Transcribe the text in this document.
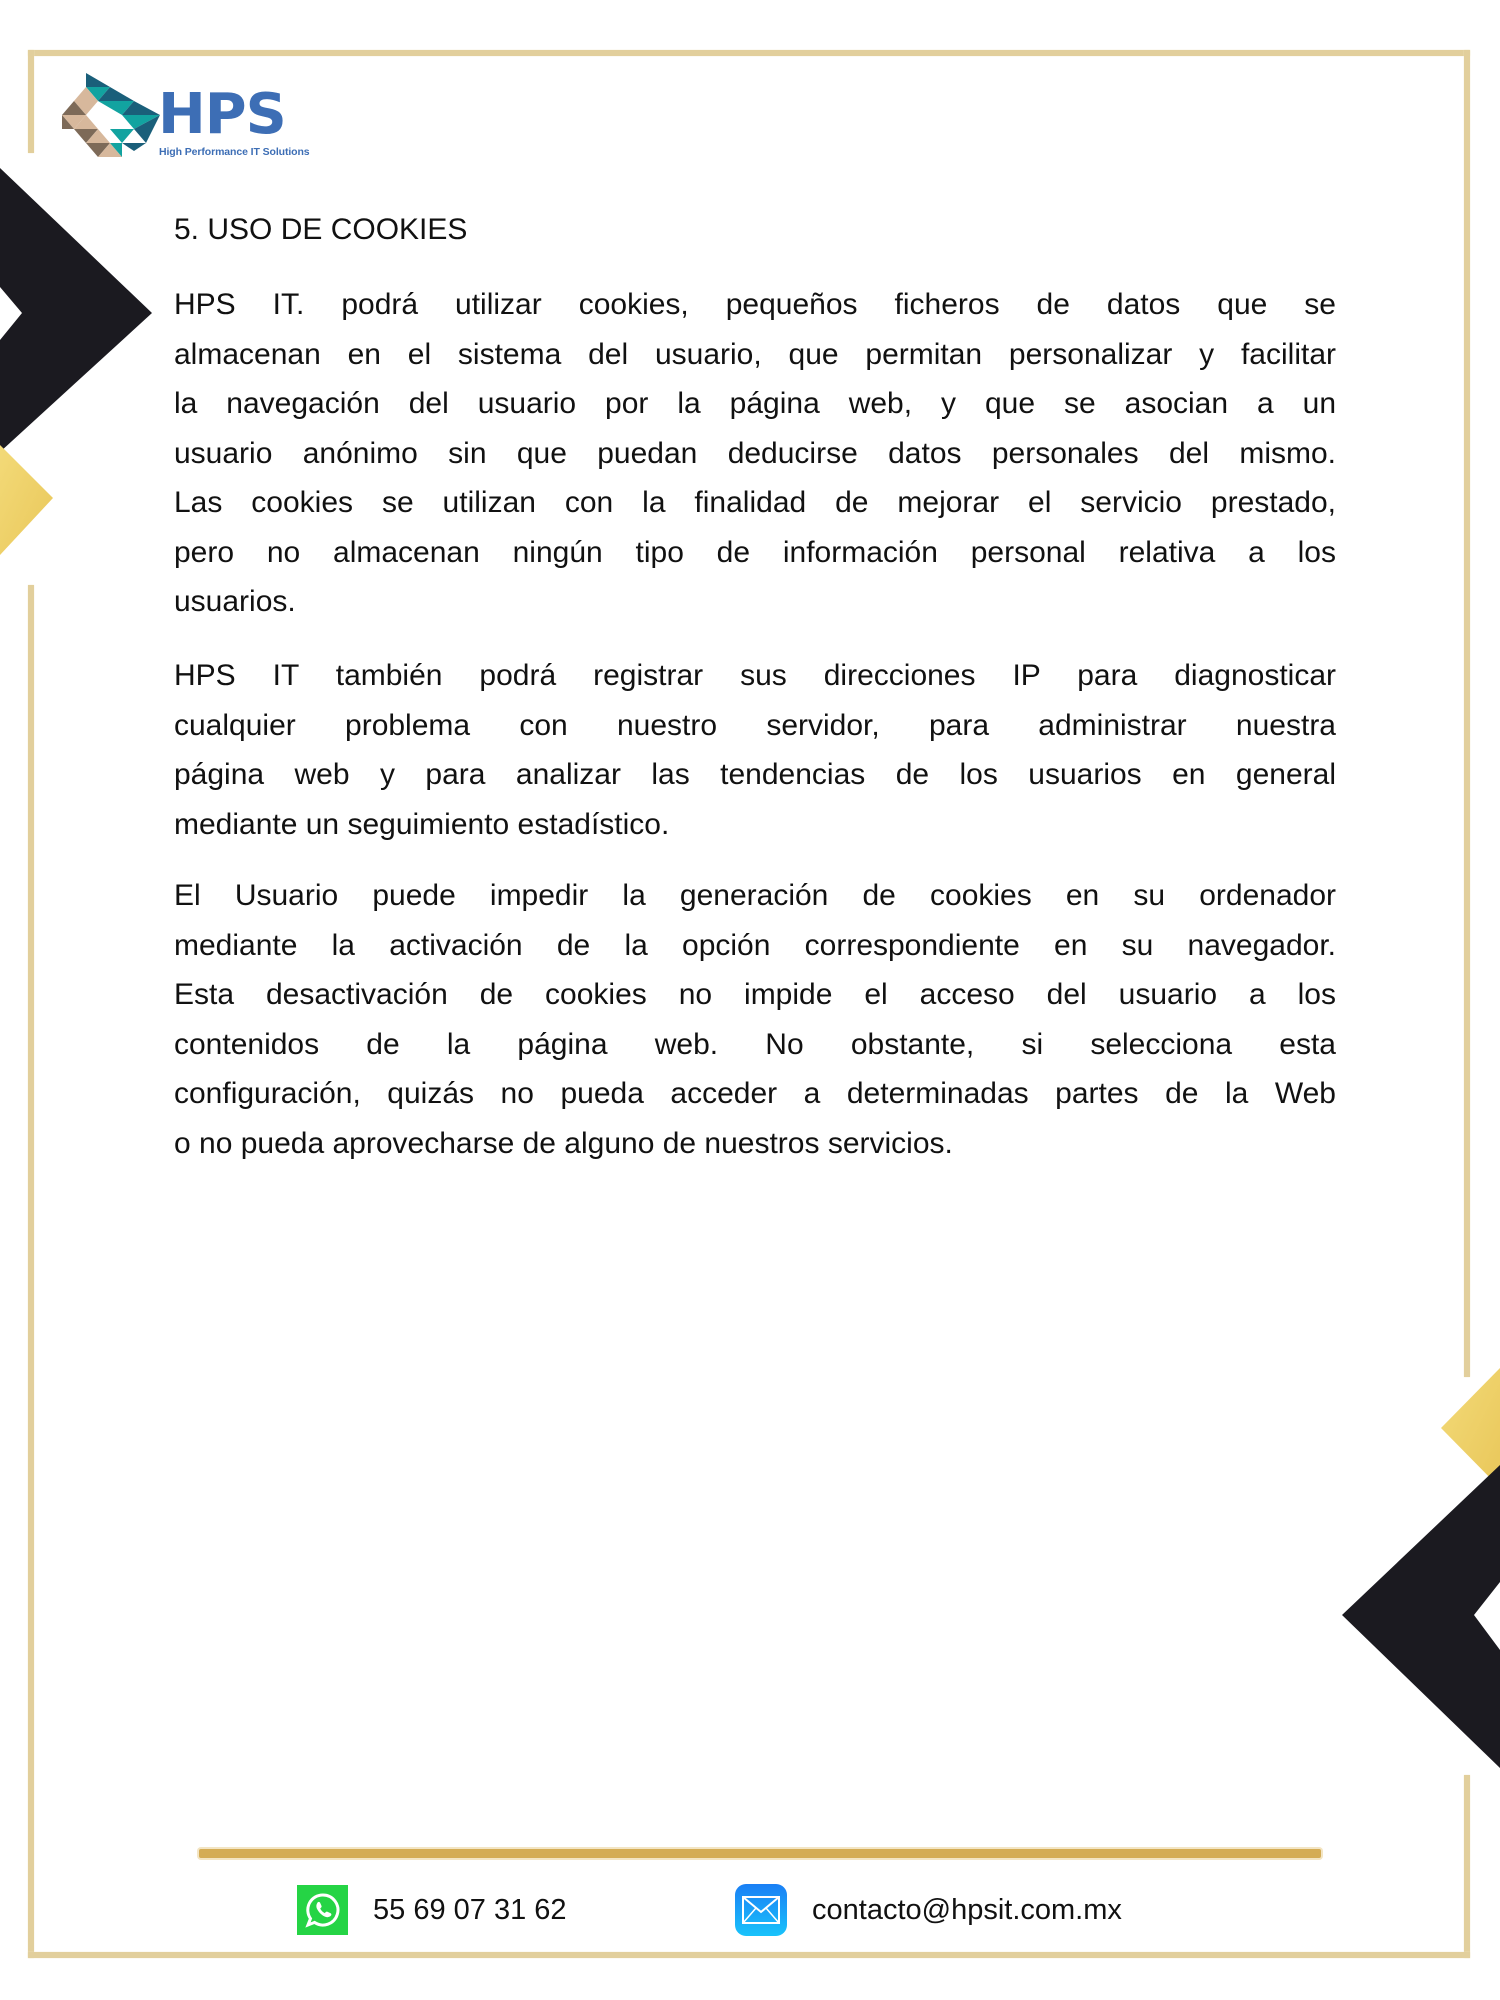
HPS
High Performance IT Solutions
5. USO DE COOKIES
HPS IT. podrá utilizar cookies, pequeños ficheros de datos que se
almacenan en el sistema del usuario, que permitan personalizar y facilitar
la navegación del usuario por la página web, y que se asocian a un
usuario anónimo sin que puedan deducirse datos personales del mismo.
Las cookies se utilizan con la finalidad de mejorar el servicio prestado,
pero no almacenan ningún tipo de información personal relativa a los
usuarios.
HPS IT también podrá registrar sus direcciones IP para diagnosticar
cualquier problema con nuestro servidor, para administrar nuestra
página web y para analizar las tendencias de los usuarios en general
mediante un seguimiento estadístico.
El Usuario puede impedir la generación de cookies en su ordenador
mediante la activación de la opción correspondiente en su navegador.
Esta desactivación de cookies no impide el acceso del usuario a los
contenidos de la página web. No obstante, si selecciona esta
configuración, quizás no pueda acceder a determinadas partes de la Web
o no pueda aprovecharse de alguno de nuestros servicios.
55 69 07 31 62	contacto@hpsit.com.mx
